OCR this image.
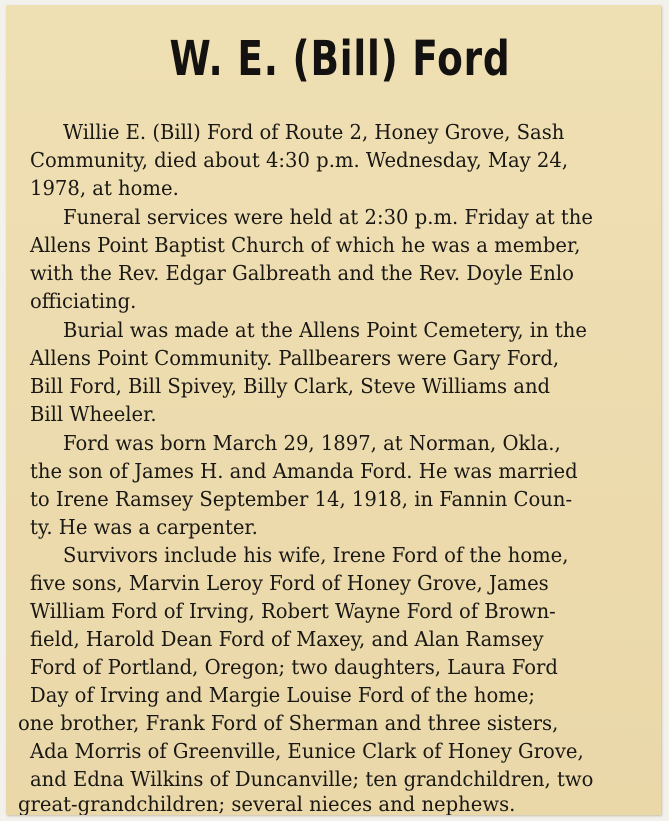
W. E. (Bill) Ford

Willie E. (Bill) Ford of Route 2, Honey Grove, Sash

Community, died about 4:30 p.m. Wednesday, May 24,

1978, at home.

Funeral services were held at 2:30 p.m. Friday at the

Allens Point Baptist Church of which he was a member,

with the Rev. Edgar Galbreath and the Rev. Doyle Enlo

officiating.

Burial was made at the Allens Point Cemetery, in the

Allens Point Community. Pallbearers were Gary Ford,

Bill Ford, Bill Spivey, Billy Clark, Steve Williams and

Bill Wheeler.

Ford was born March 29, 1897, at Norman, Okla.,

the son of James H. and Amanda Ford. He was married

to Irene Ramsey September 14, 1918, in Fannin Coun-

ty. He was a carpenter.

Survivors include his wife, Irene Ford of the home,

five sons, Marvin Leroy Ford of Honey Grove, James

William Ford of Irving, Robert Wayne Ford of Brown-

field, Harold Dean Ford of Maxey, and Alan Ramsey

Ford of Portland, Oregon; two daughters, Laura Ford

Day of Irving and Margie Louise Ford of the home;

one brother, Frank Ford of Sherman and three sisters,

Ada Morris of Greenville, Eunice Clark of Honey Grove,

and Edna Wilkins of Duncanville; ten grandchildren, two

great-grandchildren; several nieces and nephews.
